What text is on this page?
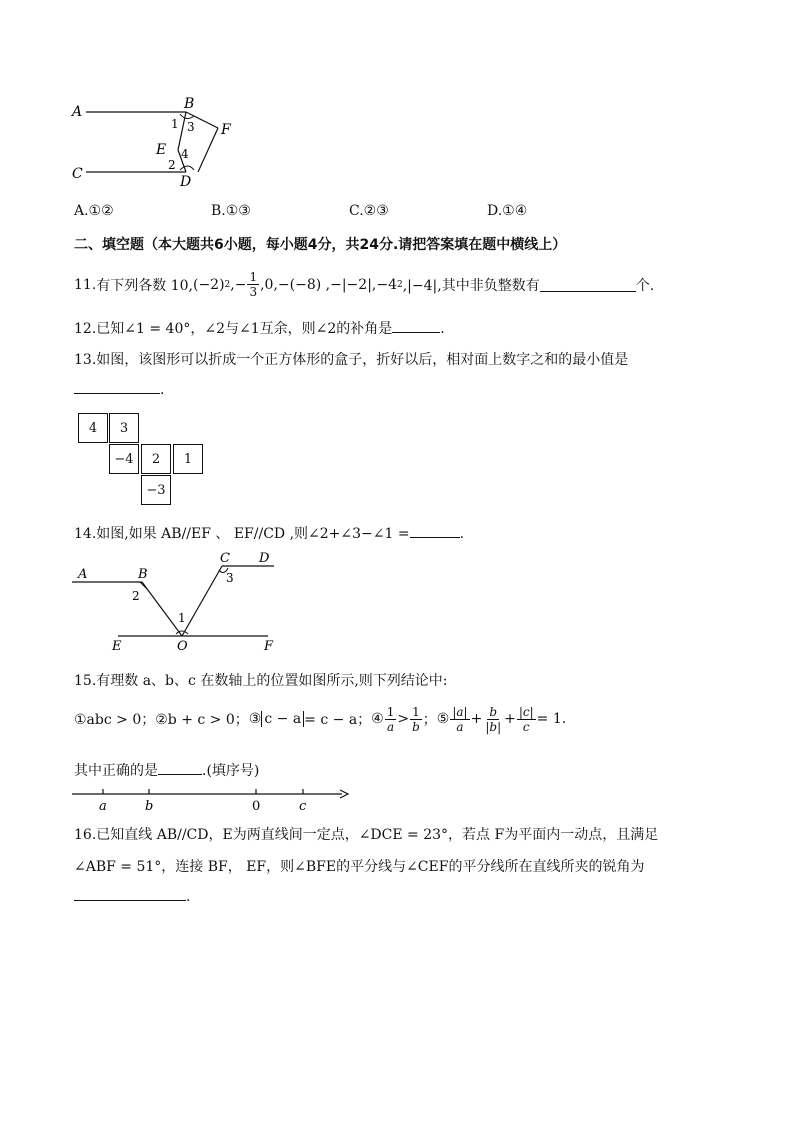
A	B
C	D
E
F
1
2
3
4
A.①②	B.①③	C.②③	D.①④
二、填空题（本大题共6小题，每小题4分，共24分.请把答案填在题中横线上）
11. 有下列各数 10, (−2) 2 ,− $\frac{1}{3} ,0,-(-8)$ ,−|−2|,−4 2 ,|−4|,其中非负整数有	个.
12.已知∠1 = 40°，∠2与∠1互余，则∠2的补角是	.
13.如图，该图形可以折成一个正方体形的盒子，折好以后，相对面上数字之和的最小值是
.
4	3
−4	2	1
−3
14.如图,如果 AB//EF 、 EF//CD ,则∠2+∠3−∠1 =	.
A	B
C D
E	F
O
1
2
3
15.有理数 a、b、c 在数轴上的位置如图所示,则下列结论中:
①abc > 0； ②b + c > 0； ③ c − a = c − a； ④ $\frac{1}{a} > \frac{1}{b}$ ； ⑤ $\frac{|a|}{a} + \frac{b}{|b|} + \frac{|c|}{c} = 1$.
其中正确的是	.(填序号)
a	b	0	c
16.已知直线 AB//CD，E为两直线间一定点，∠DCE = 23°，若点 F为平面内一动点，且满足
∠ABF = 51°，连接 BF， EF，则∠BFE的平分线与∠CEF的平分线所在直线所夹的锐角为
.
